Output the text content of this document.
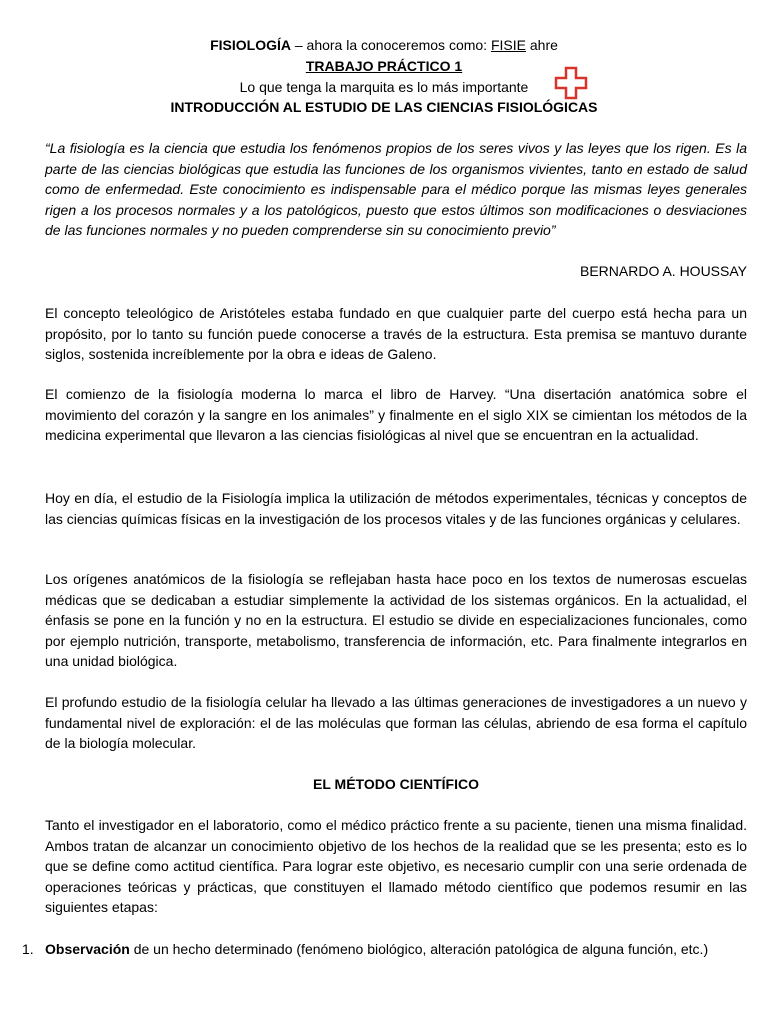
FISIOLOGÍA – ahora la conoceremos como: FISIE ahre
TRABAJO PRÁCTICO 1
Lo que tenga la marquita es lo más importante
INTRODUCCIÓN AL ESTUDIO DE LAS CIENCIAS FISIOLÓGICAS
“La fisiología es la ciencia que estudia los fenómenos propios de los seres vivos y las leyes que los rigen. Es la parte de las ciencias biológicas que estudia las funciones de los organismos vivientes, tanto en estado de salud como de enfermedad. Este conocimiento es indispensable para el médico porque las mismas leyes generales rigen a los procesos normales y a los patológicos, puesto que estos últimos son modificaciones o desviaciones de las funciones normales y no pueden comprenderse sin su conocimiento previo”
BERNARDO A. HOUSSAY
El concepto teleológico de Aristóteles estaba fundado en que cualquier parte del cuerpo está hecha para un propósito, por lo tanto su función puede conocerse a través de la estructura. Esta premisa se mantuvo durante siglos, sostenida increíblemente por la obra e ideas de Galeno.
El comienzo de la fisiología moderna lo marca el libro de Harvey. “Una disertación anatómica sobre el movimiento del corazón y la sangre en los animales” y finalmente en el siglo XIX se cimientan los métodos de la medicina experimental que llevaron a las ciencias fisiológicas al nivel que se encuentran en la actualidad.
Hoy en día, el estudio de la Fisiología implica la utilización de métodos experimentales, técnicas y conceptos de las ciencias químicas físicas en la investigación de los procesos vitales y de las funciones orgánicas y celulares.
Los orígenes anatómicos de la fisiología se reflejaban hasta hace poco en los textos de numerosas escuelas médicas que se dedicaban a estudiar simplemente la actividad de los sistemas orgánicos. En la actualidad, el énfasis se pone en la función y no en la estructura. El estudio se divide en especializaciones funcionales, como por ejemplo nutrición, transporte, metabolismo, transferencia de información, etc. Para finalmente integrarlos en una unidad biológica.
El profundo estudio de la fisiología celular ha llevado a las últimas generaciones de investigadores a un nuevo y fundamental nivel de exploración: el de las moléculas que forman las células, abriendo de esa forma el capítulo de la biología molecular.
EL MÉTODO CIENTÍFICO
Tanto el investigador en el laboratorio, como el médico práctico frente a su paciente, tienen una misma finalidad. Ambos tratan de alcanzar un conocimiento objetivo de los hechos de la realidad que se les presenta; esto es lo que se define como actitud científica. Para lograr este objetivo, es necesario cumplir con una serie ordenada de operaciones teóricas y prácticas, que constituyen el llamado método científico que podemos resumir en las siguientes etapas:
1. Observación de un hecho determinado (fenómeno biológico, alteración patológica de alguna función, etc.)
